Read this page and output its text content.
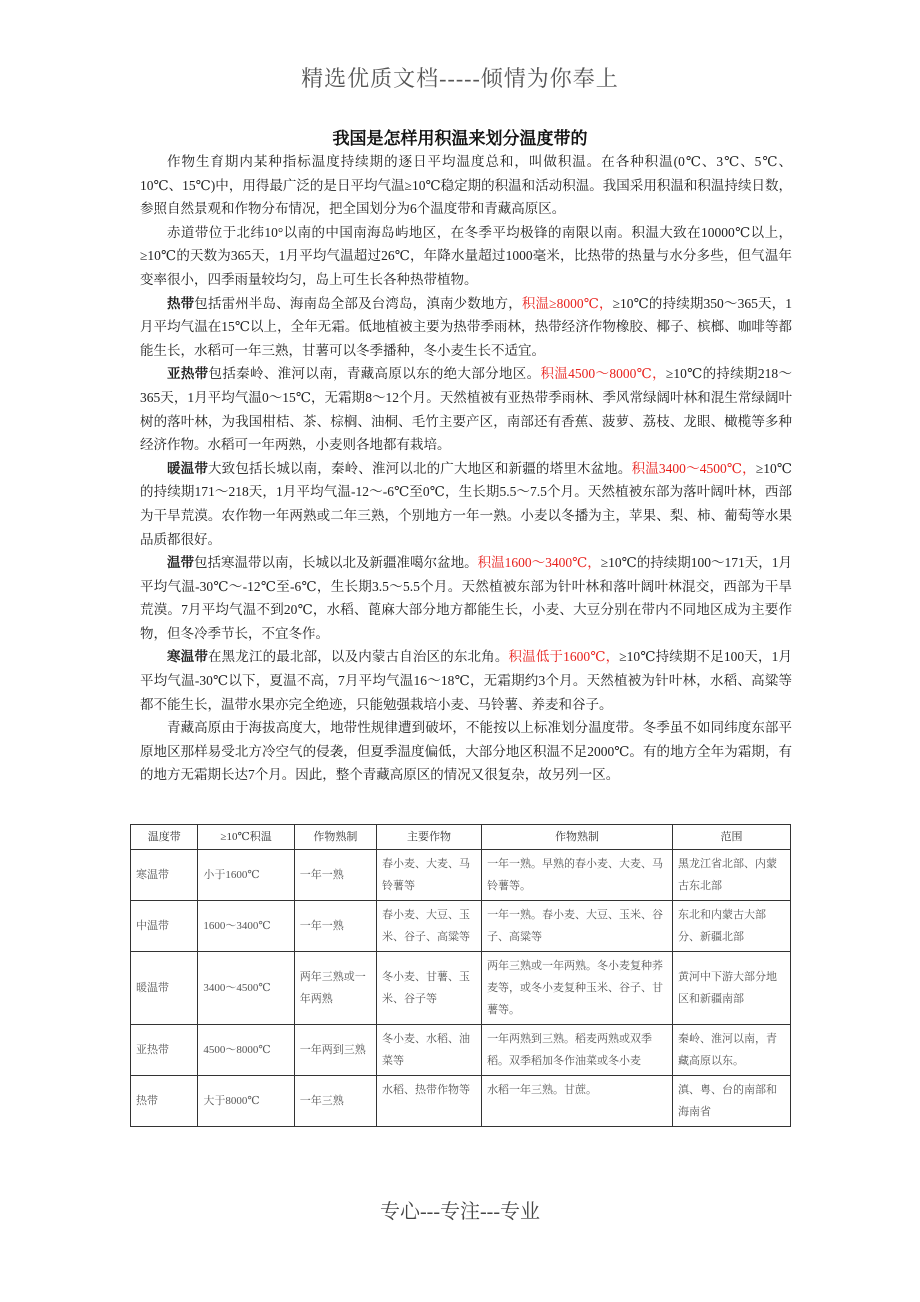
精选优质文档-----倾情为你奉上
我国是怎样用积温来划分温度带的

作物生育期内某种指标温度持续期的逐日平均温度总和，叫做积温。在各种积温(0℃、3℃、5℃、10℃、15℃)中，用得最广泛的是日平均气温≥10℃稳定期的积温和活动积温。我国采用积温和积温持续日数，参照自然景观和作物分布情况，把全国划分为6个温度带和青藏高原区。

赤道带位于北纬10°以南的中国南海岛屿地区，在冬季平均极锋的南限以南。积温大致在10000℃以上，≥10℃的天数为365天，1月平均气温超过26℃，年降水量超过1000毫米，比热带的热量与水分多些，但气温年变率很小，四季雨量较均匀，岛上可生长各种热带植物。

热带包括雷州半岛、海南岛全部及台湾岛，滇南少数地方，积温≥8000℃，≥10℃的持续期350～365天，1月平均气温在15℃以上，全年无霜。低地植被主要为热带季雨林，热带经济作物橡胶、椰子、槟榔、咖啡等都能生长，水稻可一年三熟，甘薯可以冬季播种，冬小麦生长不适宜。

亚热带包括秦岭、淮河以南，青藏高原以东的绝大部分地区。积温4500～8000℃，≥10℃的持续期218～365天，1月平均气温0～15℃，无霜期8～12个月。天然植被有亚热带季雨林、季风常绿阔叶林和混生常绿阔叶树的落叶林，为我国柑桔、茶、棕榈、油桐、毛竹主要产区，南部还有香蕉、菠萝、荔枝、龙眼、橄榄等多种经济作物。水稻可一年两熟，小麦则各地都有栽培。

暖温带大致包括长城以南，秦岭、淮河以北的广大地区和新疆的塔里木盆地。积温3400～4500℃，≥10℃的持续期171～218天，1月平均气温-12～-6℃至0℃，生长期5.5～7.5个月。天然植被东部为落叶阔叶林，西部为干旱荒漠。农作物一年两熟或二年三熟，个别地方一年一熟。小麦以冬播为主，苹果、梨、柿、葡萄等水果品质都很好。

温带包括寒温带以南，长城以北及新疆准噶尔盆地。积温1600～3400℃，≥10℃的持续期100～171天，1月平均气温-30℃～-12℃至-6℃，生长期3.5～5.5个月。天然植被东部为针叶林和落叶阔叶林混交，西部为干旱荒漠。7月平均气温不到20℃，水稻、蓖麻大部分地方都能生长，小麦、大豆分别在带内不同地区成为主要作物，但冬冷季节长，不宜冬作。

寒温带在黑龙江的最北部，以及内蒙古自治区的东北角。积温低于1600℃，≥10℃持续期不足100天，1月平均气温-30℃以下，夏温不高，7月平均气温16～18℃，无霜期约3个月。天然植被为针叶林，水稻、高粱等都不能生长，温带水果亦完全绝迹，只能勉强栽培小麦、马铃薯、养麦和谷子。

青藏高原由于海拔高度大，地带性规律遭到破坏，不能按以上标准划分温度带。冬季虽不如同纬度东部平原地区那样易受北方冷空气的侵袭，但夏季温度偏低，大部分地区积温不足2000℃。有的地方全年为霜期，有的地方无霜期长达7个月。因此，整个青藏高原区的情况又很复杂，故另列一区。

温度带	≥10℃积温	作物熟制	主要作物	作物熟制	范围
寒温带	小于1600℃	一年一熟	春小麦、大麦、马铃薯等	一年一熟。早熟的春小麦、大麦、马铃薯等。	黑龙江省北部、内蒙古东北部
中温带	1600～3400℃	一年一熟	春小麦、大豆、玉米、谷子、高粱等	一年一熟。春小麦、大豆、玉米、谷子、高粱等	东北和内蒙古大部分、新疆北部
暖温带	3400～4500℃	两年三熟或一年两熟	冬小麦、甘薯、玉米、谷子等	两年三熟或一年两熟。冬小麦复种荞麦等，或冬小麦复种玉米、谷子、甘薯等。	黄河中下游大部分地区和新疆南部
亚热带	4500～8000℃	一年两到三熟	冬小麦、水稻、油菜等	一年两熟到三熟。稻麦两熟或双季稻。双季稻加冬作油菜或冬小麦	秦岭、淮河以南，青藏高原以东。
热带	大于8000℃	一年三熟	水稻、热带作物等	水稻一年三熟。甘蔗。	滇、粤、台的南部和海南省
专心---专注---专业
